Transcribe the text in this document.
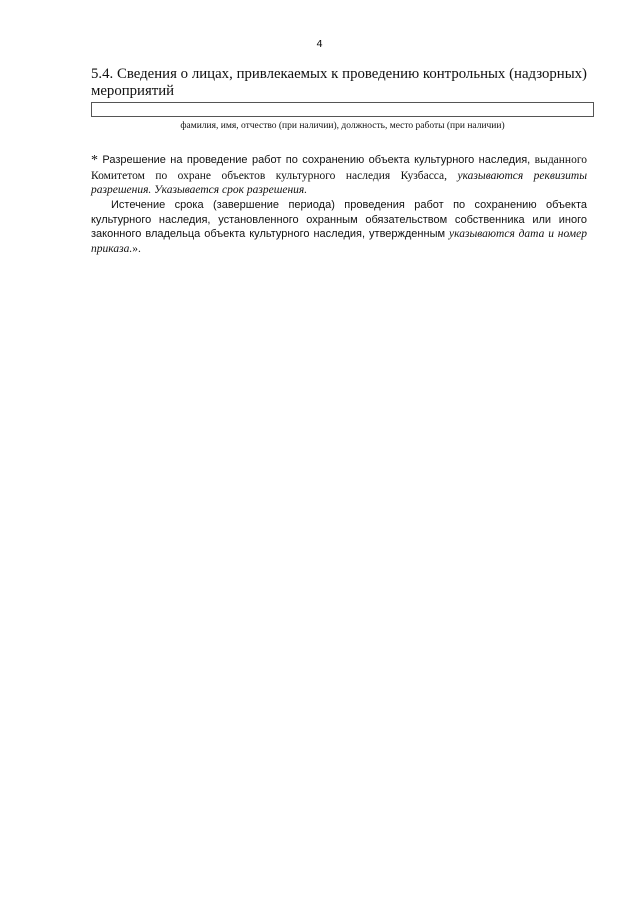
4
5.4. Сведения о лицах, привлекаемых к проведению контрольных (надзорных) мероприятий
фамилия, имя, отчество (при наличии), должность, место работы (при наличии)
* Разрешение на проведение работ по сохранению объекта культурного наследия, выданного Комитетом по охране объектов культурного наследия Кузбасса, указываются реквизиты разрешения. Указывается срок разрешения.
Истечение срока (завершение периода) проведения работ по сохранению объекта культурного наследия, установленного охранным обязательством собственника или иного законного владельца объекта культурного наследия, утвержденным указываются дата и номер приказа.».
